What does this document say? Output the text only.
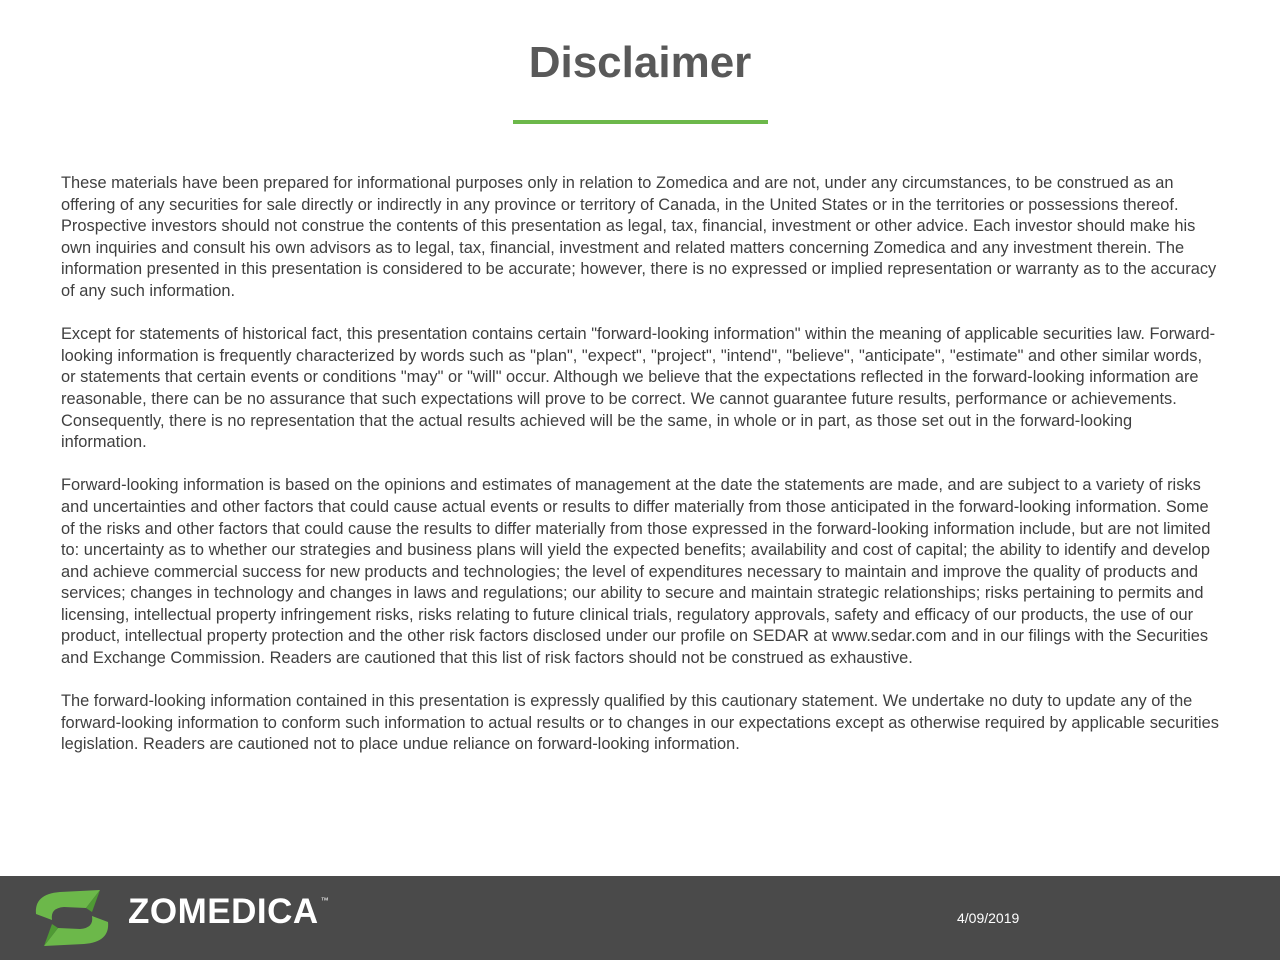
Disclaimer

These materials have been prepared for informational purposes only in relation to Zomedica and are not, under any circumstances, to be construed as an offering of any securities for sale directly or indirectly in any province or territory of Canada, in the United States or in the territories or possessions thereof. Prospective investors should not construe the contents of this presentation as legal, tax, financial, investment or other advice. Each investor should make his own inquiries and consult his own advisors as to legal, tax, financial, investment and related matters concerning Zomedica and any investment therein. The information presented in this presentation is considered to be accurate; however, there is no expressed or implied representation or warranty as to the accuracy of any such information.

Except for statements of historical fact, this presentation contains certain "forward-looking information" within the meaning of applicable securities law. Forward-looking information is frequently characterized by words such as "plan", "expect", "project", "intend", "believe", "anticipate", "estimate" and other similar words, or statements that certain events or conditions "may" or "will" occur. Although we believe that the expectations reflected in the forward-looking information are reasonable, there can be no assurance that such expectations will prove to be correct. We cannot guarantee future results, performance or achievements. Consequently, there is no representation that the actual results achieved will be the same, in whole or in part, as those set out in the forward-looking information.

Forward-looking information is based on the opinions and estimates of management at the date the statements are made, and are subject to a variety of risks and uncertainties and other factors that could cause actual events or results to differ materially from those anticipated in the forward-looking information. Some of the risks and other factors that could cause the results to differ materially from those expressed in the forward-looking information include, but are not limited to: uncertainty as to whether our strategies and business plans will yield the expected benefits; availability and cost of capital; the ability to identify and develop and achieve commercial success for new products and technologies; the level of expenditures necessary to maintain and improve the quality of products and services; changes in technology and changes in laws and regulations; our ability to secure and maintain strategic relationships; risks pertaining to permits and licensing, intellectual property infringement risks, risks relating to future clinical trials, regulatory approvals, safety and efficacy of our products, the use of our product, intellectual property protection and the other risk factors disclosed under our profile on SEDAR at www.sedar.com and in our filings with the Securities and Exchange Commission. Readers are cautioned that this list of risk factors should not be construed as exhaustive.

The forward-looking information contained in this presentation is expressly qualified by this cautionary statement. We undertake no duty to update any of the forward-looking information to conform such information to actual results or to changes in our expectations except as otherwise required by applicable securities legislation. Readers are cautioned not to place undue reliance on forward-looking information.

ZOMEDICA ™
4/09/2019
